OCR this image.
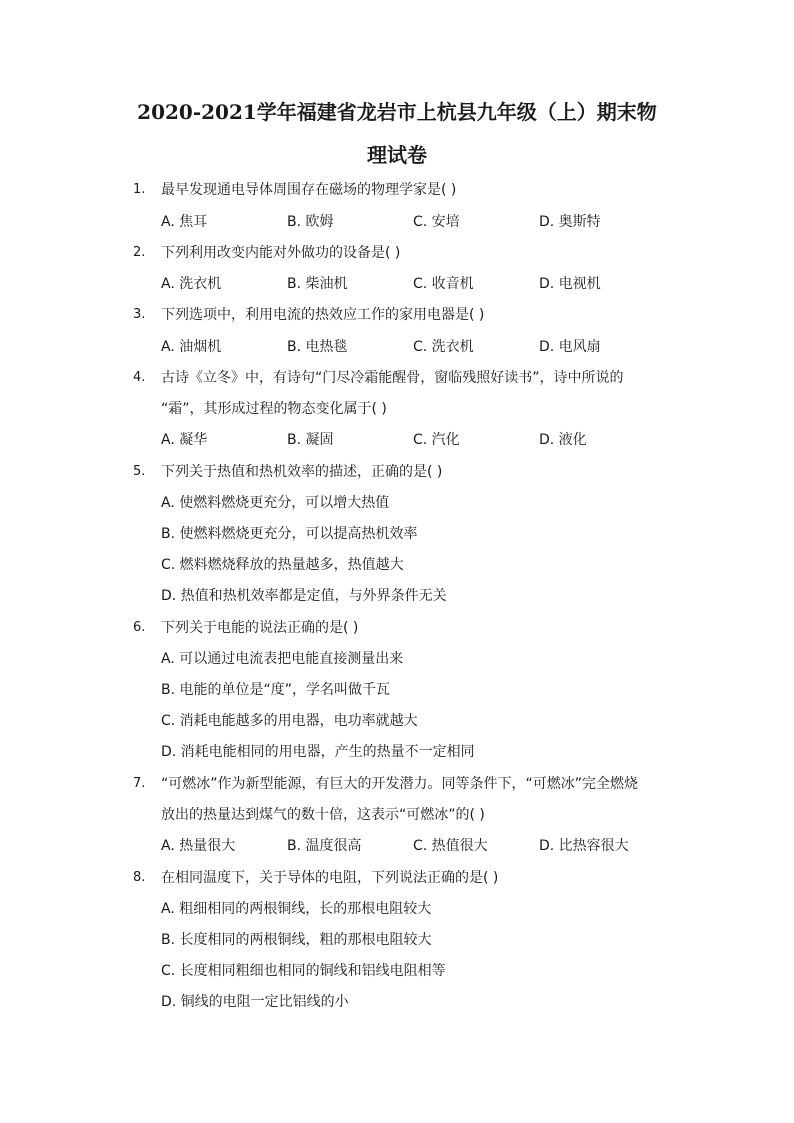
2020-2021学年福建省龙岩市上杭县九年级（上）期末物
理试卷
1. 最早发现通电导体周围存在磁场的物理学家是( )
A. 焦耳	B. 欧姆	C. 安培	D. 奥斯特
2. 下列利用改变内能对外做功的设备是( )
A. 洗衣机	B. 柴油机	C. 收音机	D. 电视机
3. 下列选项中，利用电流的热效应工作的家用电器是( )
A. 油烟机	B. 电热毯	C. 洗衣机	D. 电风扇
4. 古诗《立冬》中，有诗句“门尽冷霜能醒骨，窗临残照好读书”，诗中所说的
“霜”，其形成过程的物态变化属于( )
A. 凝华	B. 凝固	C. 汽化	D. 液化
5. 下列关于热值和热机效率的描述，正确的是( )
A. 使燃料燃烧更充分，可以增大热值
B. 使燃料燃烧更充分，可以提高热机效率
C. 燃料燃烧释放的热量越多，热值越大
D. 热值和热机效率都是定值，与外界条件无关
6. 下列关于电能的说法正确的是( )
A. 可以通过电流表把电能直接测量出来
B. 电能的单位是“度”，学名叫做千瓦
C. 消耗电能越多的用电器，电功率就越大
D. 消耗电能相同的用电器，产生的热量不一定相同
7. “可燃冰”作为新型能源，有巨大的开发潜力。同等条件下，“可燃冰”完全燃烧
放出的热量达到煤气的数十倍，这表示“可燃冰”的( )
A. 热量很大	B. 温度很高	C. 热值很大	D. 比热容很大
8. 在相同温度下，关于导体的电阻，下列说法正确的是( )
A. 粗细相同的两根铜线，长的那根电阻较大
B. 长度相同的两根铜线，粗的那根电阻较大
C. 长度相同粗细也相同的铜线和铝线电阻相等
D. 铜线的电阻一定比铝线的小
